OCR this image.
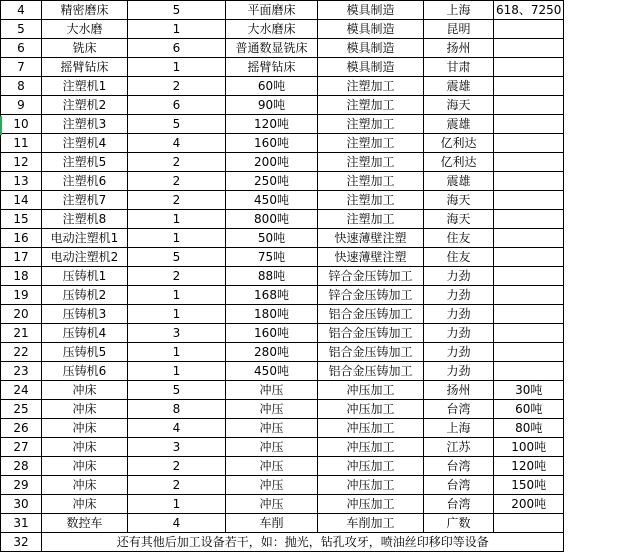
4	精密磨床	5	平面磨床	模具制造	上海	618、7250
5	大水磨	1	大水磨床	模具制造	昆明	
6	铣床	6	普通数显铣床	模具制造	扬州	
7	摇臂钻床	1	摇臂钻床	模具制造	甘肃	
8	注塑机1	2	60吨	注塑加工	震雄	
9	注塑机2	6	90吨	注塑加工	海天	
10	注塑机3	5	120吨	注塑加工	震雄	
11	注塑机4	4	160吨	注塑加工	亿利达	
12	注塑机5	2	200吨	注塑加工	亿利达	
13	注塑机6	2	250吨	注塑加工	震雄	
14	注塑机7	2	450吨	注塑加工	海天	
15	注塑机8	1	800吨	注塑加工	海天	
16	电动注塑机1	1	50吨	快速薄壁注塑	住友	
17	电动注塑机2	5	75吨	快速薄壁注塑	住友	
18	压铸机1	2	88吨	锌合金压铸加工	力劲	
19	压铸机2	1	168吨	锌合金压铸加工	力劲	
20	压铸机3	1	180吨	铝合金压铸加工	力劲	
21	压铸机4	3	160吨	铝合金压铸加工	力劲	
22	压铸机5	1	280吨	铝合金压铸加工	力劲	
23	压铸机6	1	450吨	铝合金压铸加工	力劲	
24	冲床	5	冲压	冲压加工	扬州	30吨
25	冲床	8	冲压	冲压加工	台湾	60吨
26	冲床	4	冲压	冲压加工	上海	80吨
27	冲床	3	冲压	冲压加工	江苏	100吨
28	冲床	2	冲压	冲压加工	台湾	120吨
29	冲床	2	冲压	冲压加工	台湾	150吨
30	冲床	1	冲压	冲压加工	台湾	200吨
31	数控车	4	车削	车削加工	广数	
32	还有其他后加工设备若干，如：抛光，钻孔攻牙，喷油丝印移印等设备					
